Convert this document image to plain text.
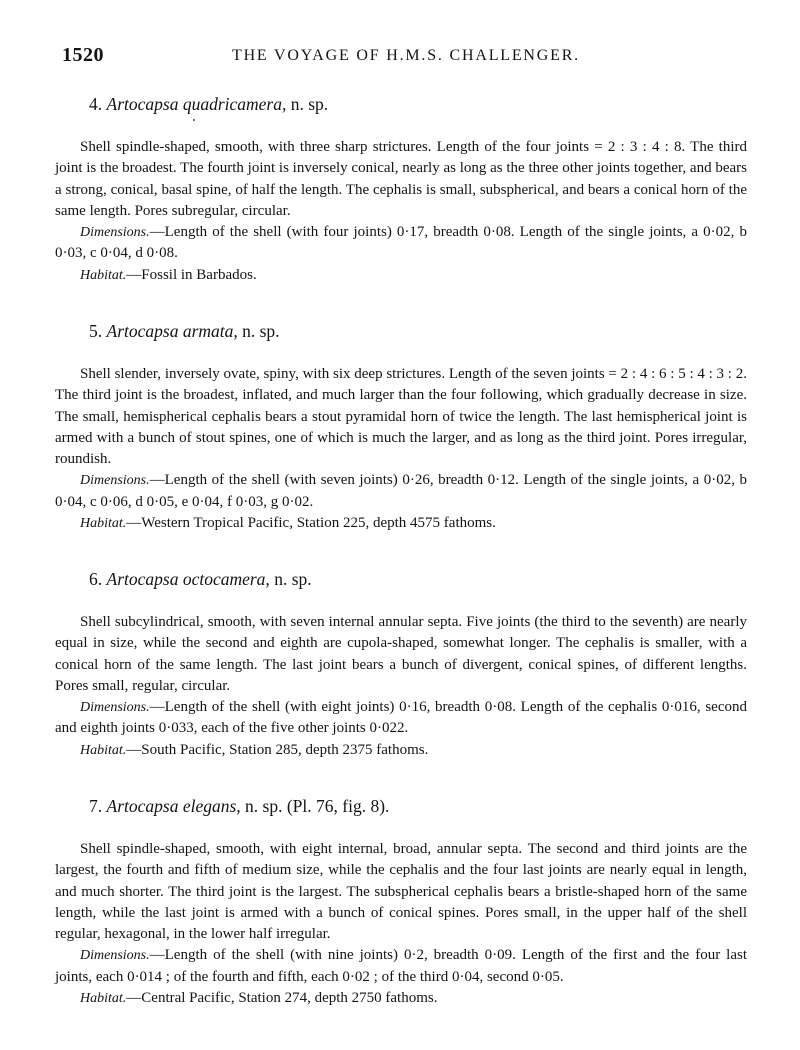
1520	THE VOYAGE OF H.M.S. CHALLENGER.
4. Artocapsa quadricamera, n. sp.

Shell spindle-shaped, smooth, with three sharp strictures. Length of the four joints = 2 : 3 : 4 : 8. The third joint is the broadest. The fourth joint is inversely conical, nearly as long as the three other joints together, and bears a strong, conical, basal spine, of half the length. The cephalis is small, subspherical, and bears a conical horn of the same length. Pores subregular, circular.

Dimensions.—Length of the shell (with four joints) 0·17, breadth 0·08. Length of the single joints, a 0·02, b 0·03, c 0·04, d 0·08.

Habitat.—Fossil in Barbados.

5. Artocapsa armata, n. sp.

Shell slender, inversely ovate, spiny, with six deep strictures. Length of the seven joints = 2 : 4 : 6 : 5 : 4 : 3 : 2. The third joint is the broadest, inflated, and much larger than the four following, which gradually decrease in size. The small, hemispherical cephalis bears a stout pyramidal horn of twice the length. The last hemispherical joint is armed with a bunch of stout spines, one of which is much the larger, and as long as the third joint. Pores irregular, roundish.

Dimensions.—Length of the shell (with seven joints) 0·26, breadth 0·12. Length of the single joints, a 0·02, b 0·04, c 0·06, d 0·05, e 0·04, f 0·03, g 0·02.

Habitat.—Western Tropical Pacific, Station 225, depth 4575 fathoms.

6. Artocapsa octocamera, n. sp.

Shell subcylindrical, smooth, with seven internal annular septa. Five joints (the third to the seventh) are nearly equal in size, while the second and eighth are cupola-shaped, somewhat longer. The cephalis is smaller, with a conical horn of the same length. The last joint bears a bunch of divergent, conical spines, of different lengths. Pores small, regular, circular.

Dimensions.—Length of the shell (with eight joints) 0·16, breadth 0·08. Length of the cephalis 0·016, second and eighth joints 0·033, each of the five other joints 0·022.

Habitat.—South Pacific, Station 285, depth 2375 fathoms.

7. Artocapsa elegans, n. sp. (Pl. 76, fig. 8).

Shell spindle-shaped, smooth, with eight internal, broad, annular septa. The second and third joints are the largest, the fourth and fifth of medium size, while the cephalis and the four last joints are nearly equal in length, and much shorter. The third joint is the largest. The subspherical cephalis bears a bristle-shaped horn of the same length, while the last joint is armed with a bunch of conical spines. Pores small, in the upper half of the shell regular, hexagonal, in the lower half irregular.

Dimensions.—Length of the shell (with nine joints) 0·2, breadth 0·09. Length of the first and the four last joints, each 0·014 ; of the fourth and fifth, each 0·02 ; of the third 0·04, second 0·05.

Habitat.—Central Pacific, Station 274, depth 2750 fathoms.
